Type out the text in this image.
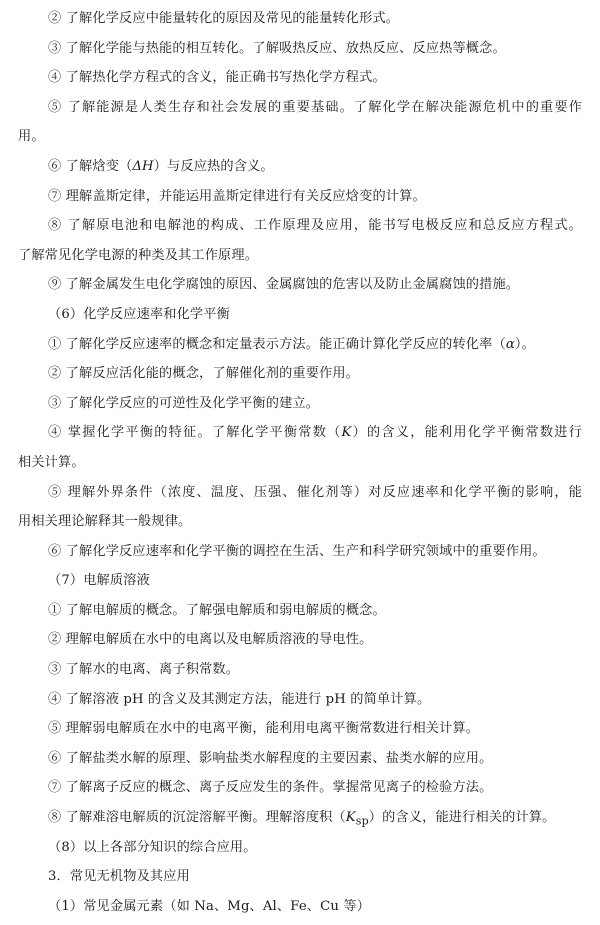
② 了解化学反应中能量转化的原因及常见的能量转化形式。
③ 了解化学能与热能的相互转化。了解吸热反应、放热反应、反应热等概念。
④ 了解热化学方程式的含义，能正确书写热化学方程式。
⑤ 了解能源是人类生存和社会发展的重要基础。了解化学在解决能源危机中的重要作
用。
⑥ 了解焓变（ΔH）与反应热的含义。
⑦ 理解盖斯定律，并能运用盖斯定律进行有关反应焓变的计算。
⑧ 了解原电池和电解池的构成、工作原理及应用，能书写电极反应和总反应方程式。
了解常见化学电源的种类及其工作原理。
⑨ 了解金属发生电化学腐蚀的原因、金属腐蚀的危害以及防止金属腐蚀的措施。
（6）化学反应速率和化学平衡
① 了解化学反应速率的概念和定量表示方法。能正确计算化学反应的转化率（α）。
② 了解反应活化能的概念，了解催化剂的重要作用。
③ 了解化学反应的可逆性及化学平衡的建立。
④ 掌握化学平衡的特征。了解化学平衡常数（K）的含义，能利用化学平衡常数进行
相关计算。
⑤ 理解外界条件（浓度、温度、压强、催化剂等）对反应速率和化学平衡的影响，能
用相关理论解释其一般规律。
⑥ 了解化学反应速率和化学平衡的调控在生活、生产和科学研究领域中的重要作用。
（7）电解质溶液
① 了解电解质的概念。了解强电解质和弱电解质的概念。
② 理解电解质在水中的电离以及电解质溶液的导电性。
③ 了解水的电离、离子积常数。
④ 了解溶液 pH 的含义及其测定方法，能进行 pH 的简单计算。
⑤ 理解弱电解质在水中的电离平衡，能利用电离平衡常数进行相关计算。
⑥ 了解盐类水解的原理、影响盐类水解程度的主要因素、盐类水解的应用。
⑦ 了解离子反应的概念、离子反应发生的条件。掌握常见离子的检验方法。
⑧ 了解难溶电解质的沉淀溶解平衡。理解溶度积$(K_{sp})$的含义，能进行相关的计算。
（8）以上各部分知识的综合应用。
3．常见无机物及其应用
（1）常见金属元素（如 Na、Mg、Al、Fe、Cu 等）
